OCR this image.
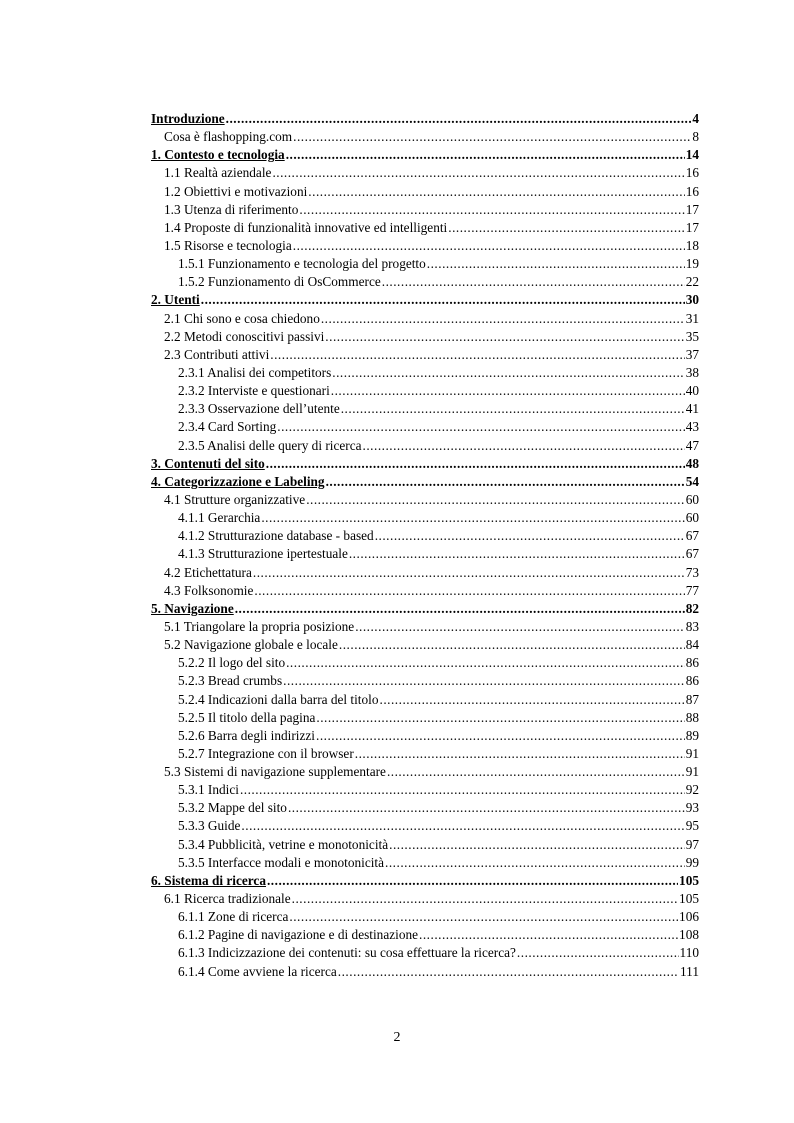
Introduzione .....	4
Cosa è flashopping.com .....	8
1. Contesto e tecnologia .....	14
1.1 Realtà aziendale .....	16
1.2 Obiettivi e motivazioni .....	16
1.3 Utenza di riferimento .....	17
1.4 Proposte di funzionalità innovative ed intelligenti .....	17
1.5 Risorse e tecnologia .....	18
1.5.1 Funzionamento e tecnologia del progetto .....	19
1.5.2 Funzionamento di OsCommerce .....	22
2. Utenti .....	30
2.1 Chi sono e cosa chiedono .....	31
2.2 Metodi conoscitivi passivi .....	35
2.3 Contributi attivi .....	37
2.3.1 Analisi dei competitors .....	38
2.3.2 Interviste e questionari .....	40
2.3.3 Osservazione dell’utente .....	41
2.3.4 Card Sorting .....	43
2.3.5 Analisi delle query di ricerca .....	47
3. Contenuti del sito .....	48
4. Categorizzazione e Labeling .....	54
4.1 Strutture organizzative .....	60
4.1.1 Gerarchia .....	60
4.1.2 Strutturazione database - based .....	67
4.1.3 Strutturazione ipertestuale .....	67
4.2 Etichettatura .....	73
4.3 Folksonomie .....	77
5. Navigazione .....	82
5.1 Triangolare la propria posizione .....	83
5.2 Navigazione globale e locale .....	84
5.2.2 Il logo del sito .....	86
5.2.3 Bread crumbs .....	86
5.2.4 Indicazioni dalla barra del titolo .....	87
5.2.5 Il titolo della pagina .....	88
5.2.6 Barra degli indirizzi .....	89
5.2.7 Integrazione con il browser .....	91
5.3 Sistemi di navigazione supplementare .....	91
5.3.1 Indici .....	92
5.3.2 Mappe del sito .....	93
5.3.3 Guide .....	95
5.3.4 Pubblicità, vetrine e monotonicità .....	97
5.3.5 Interfacce modali e monotonicità .....	99
6. Sistema di ricerca .....	105
6.1 Ricerca tradizionale .....	105
6.1.1 Zone di ricerca .....	106
6.1.2 Pagine di navigazione e di destinazione .....	108
6.1.3 Indicizzazione dei contenuti: su cosa effettuare la ricerca? .....	110
6.1.4 Come avviene la ricerca .....	111
2
